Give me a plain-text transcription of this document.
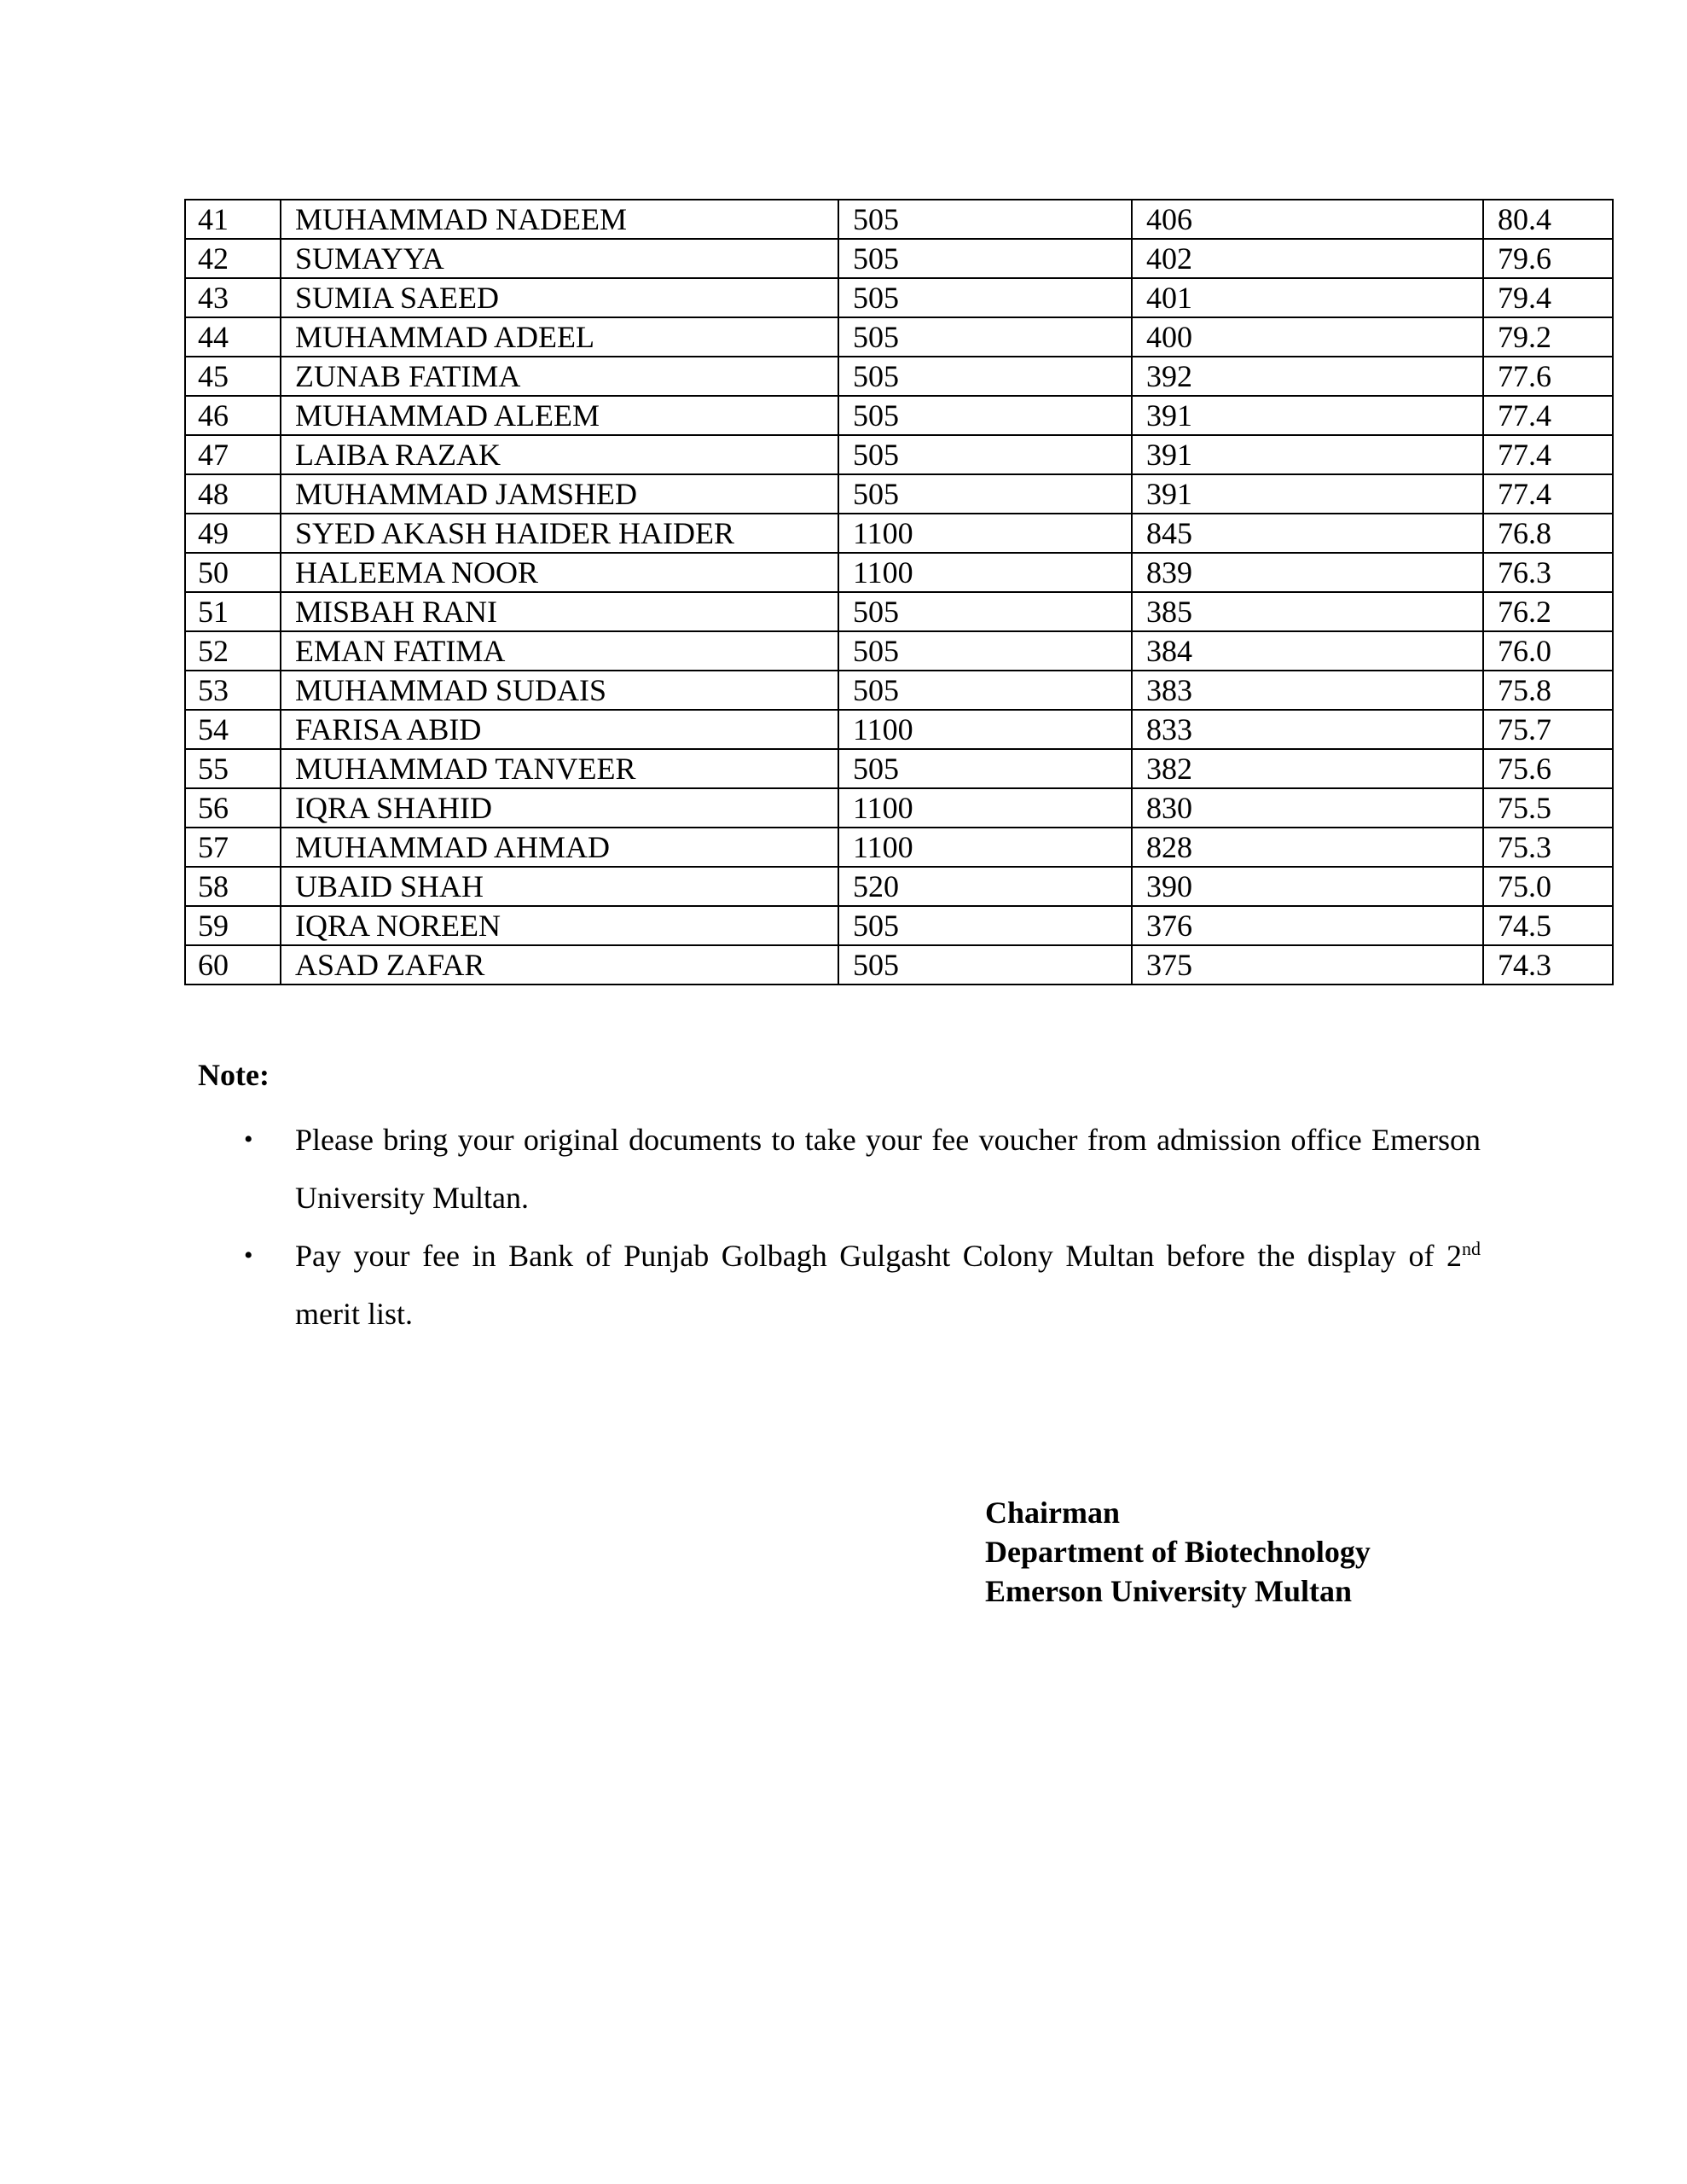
41	MUHAMMAD NADEEM	505	406	80.4
42	SUMAYYA	505	402	79.6
43	SUMIA SAEED	505	401	79.4
44	MUHAMMAD ADEEL	505	400	79.2
45	ZUNAB FATIMA	505	392	77.6
46	MUHAMMAD ALEEM	505	391	77.4
47	LAIBA RAZAK	505	391	77.4
48	MUHAMMAD JAMSHED	505	391	77.4
49	SYED AKASH HAIDER HAIDER	1100	845	76.8
50	HALEEMA NOOR	1100	839	76.3
51	MISBAH RANI	505	385	76.2
52	EMAN FATIMA	505	384	76.0
53	MUHAMMAD SUDAIS	505	383	75.8
54	FARISA ABID	1100	833	75.7
55	MUHAMMAD TANVEER	505	382	75.6
56	IQRA SHAHID	1100	830	75.5
57	MUHAMMAD AHMAD	1100	828	75.3
58	UBAID SHAH	520	390	75.0
59	IQRA NOREEN	505	376	74.5
60	ASAD ZAFAR	505	375	74.3
Note:
• Please bring your original documents to take your fee voucher from admission office Emerson University Multan.
• Pay your fee in Bank of Punjab Golbagh Gulgasht Colony Multan before the display of 2nd merit list.
Chairman
Department of Biotechnology
Emerson University Multan
